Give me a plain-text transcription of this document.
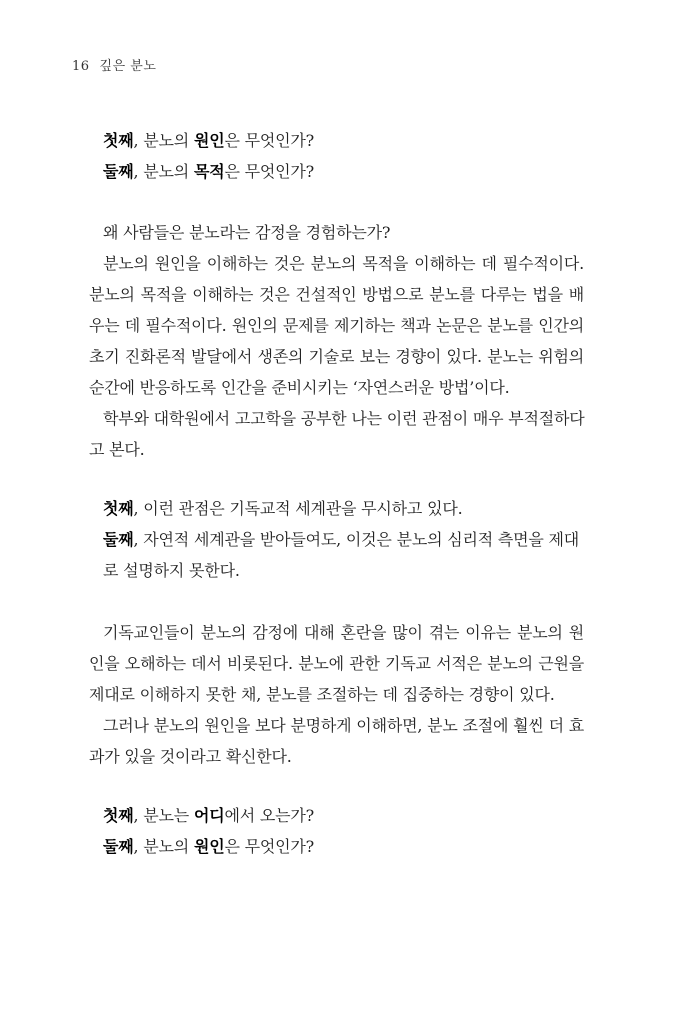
16 깊은 분노
첫째, 분노의 원인은 무엇인가?
둘째, 분노의 목적은 무엇인가?
왜 사람들은 분노라는 감정을 경험하는가?
분노의 원인을 이해하는 것은 분노의 목적을 이해하는 데 필수적이다.
분노의 목적을 이해하는 것은 건설적인 방법으로 분노를 다루는 법을 배
우는 데 필수적이다. 원인의 문제를 제기하는 책과 논문은 분노를 인간의
초기 진화론적 발달에서 생존의 기술로 보는 경향이 있다. 분노는 위험의
순간에 반응하도록 인간을 준비시키는 ‘자연스러운 방법’이다.
학부와 대학원에서 고고학을 공부한 나는 이런 관점이 매우 부적절하다
고 본다.
첫째, 이런 관점은 기독교적 세계관을 무시하고 있다.
둘째, 자연적 세계관을 받아들여도, 이것은 분노의 심리적 측면을 제대
로 설명하지 못한다.
기독교인들이 분노의 감정에 대해 혼란을 많이 겪는 이유는 분노의 원
인을 오해하는 데서 비롯된다. 분노에 관한 기독교 서적은 분노의 근원을
제대로 이해하지 못한 채, 분노를 조절하는 데 집중하는 경향이 있다.
그러나 분노의 원인을 보다 분명하게 이해하면, 분노 조절에 훨씬 더 효
과가 있을 것이라고 확신한다.
첫째, 분노는 어디에서 오는가?
둘째, 분노의 원인은 무엇인가?
